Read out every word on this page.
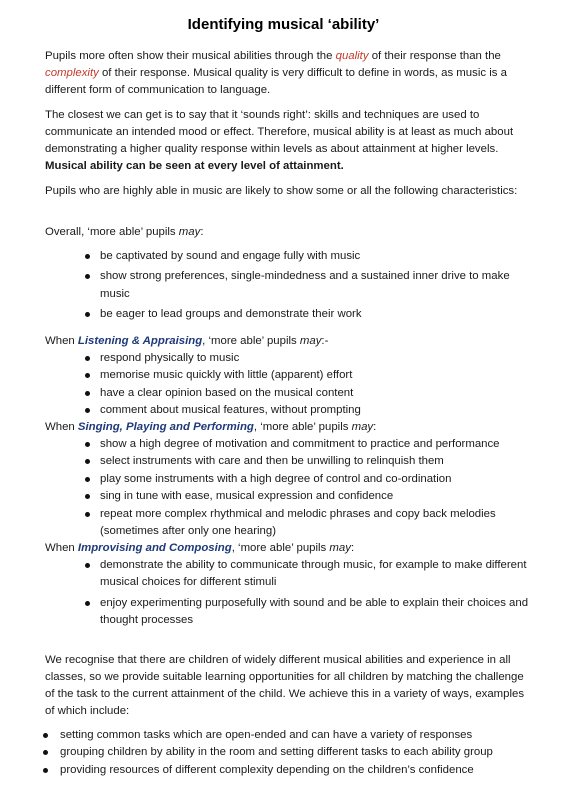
Identifying musical ‘ability’

Pupils more often show their musical abilities through the quality of their response than the complexity of their response. Musical quality is very difficult to define in words, as music is a different form of communication to language.

The closest we can get is to say that it ‘sounds right’: skills and techniques are used to communicate an intended mood or effect. Therefore, musical ability is at least as much about demonstrating a higher quality response within levels as about attainment at higher levels. Musical ability can be seen at every level of attainment.

Pupils who are highly able in music are likely to show some or all the following characteristics:

Overall, ‘more able’ pupils may:

be captivated by sound and engage fully with music
show strong preferences, single-mindedness and a sustained inner drive to make music
be eager to lead groups and demonstrate their work

When Listening & Appraising, ‘more able’ pupils may:-

respond physically to music
memorise music quickly with little (apparent) effort
have a clear opinion based on the musical content
comment about musical features, without prompting

When Singing, Playing and Performing, ‘more able’ pupils may:

show a high degree of motivation and commitment to practice and performance
select instruments with care and then be unwilling to relinquish them
play some instruments with a high degree of control and co-ordination
sing in tune with ease, musical expression and confidence
repeat more complex rhythmical and melodic phrases and copy back melodies (sometimes after only one hearing)

When Improvising and Composing, ‘more able’ pupils may:

demonstrate the ability to communicate through music, for example to make different musical choices for different stimuli
enjoy experimenting purposefully with sound and be able to explain their choices and thought processes

We recognise that there are children of widely different musical abilities and experience in all classes, so we provide suitable learning opportunities for all children by matching the challenge of the task to the current attainment of the child. We achieve this in a variety of ways, examples of which include:

setting common tasks which are open-ended and can have a variety of responses
grouping children by ability in the room and setting different tasks to each ability group
providing resources of different complexity depending on the children’s confidence
